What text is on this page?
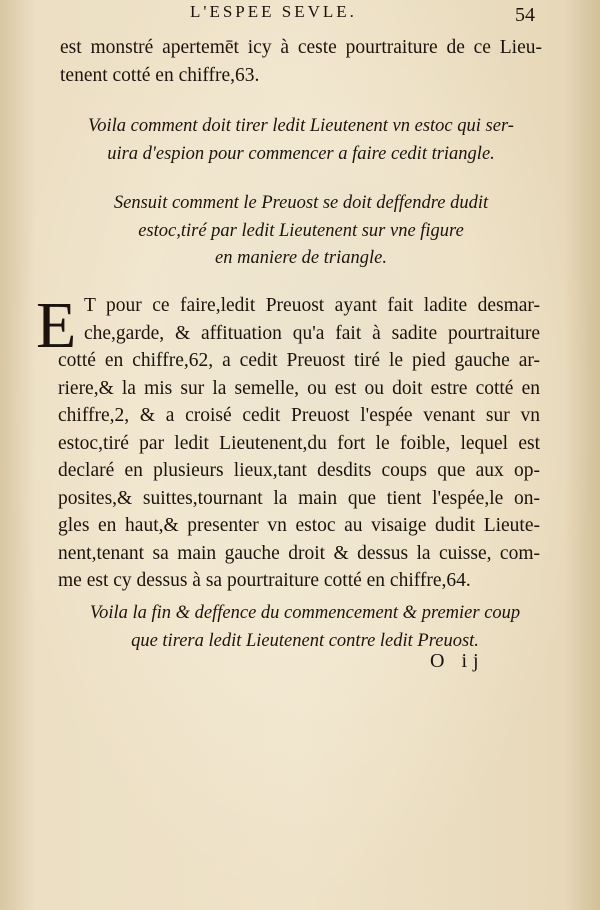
L'ESPEE SEVLE.	54
est monstré apertemēt icy à ceste pourtraiture de ce Lieu-
tenent cotté en chiffre,63.
Voila comment doit tirer ledit Lieutenent vn estoc qui ser-
uira d'espion pour commencer a faire cedit triangle.
Sensuit comment le Preuost se doit deffendre dudit
estoc,tiré par ledit Lieutenent sur vne figure
en maniere de triangle.
E T pour ce faire,ledit Preuost ayant fait ladite desmar-
che,garde, & affituation qu'a fait à sadite pourtraiture
cotté en chiffre,62, a cedit Preuost tiré le pied gauche ar-
riere,& la mis sur la semelle, ou est ou doit estre cotté en
chiffre,2, & a croisé cedit Preuost l'espée venant sur vn
estoc,tiré par ledit Lieutenent,du fort le foible, lequel est
declaré en plusieurs lieux,tant desdits coups que aux op-
posites,& suittes,tournant la main que tient l'espée,le on-
gles en haut,& presenter vn estoc au visaige dudit Lieute-
nent,tenant sa main gauche droit & dessus la cuisse, com-
me est cy dessus à sa pourtraiture cotté en chiffre,64.
Voila la fin & deffence du commencement & premier coup
que tirera ledit Lieutenent contre ledit Preuost.
O ij
